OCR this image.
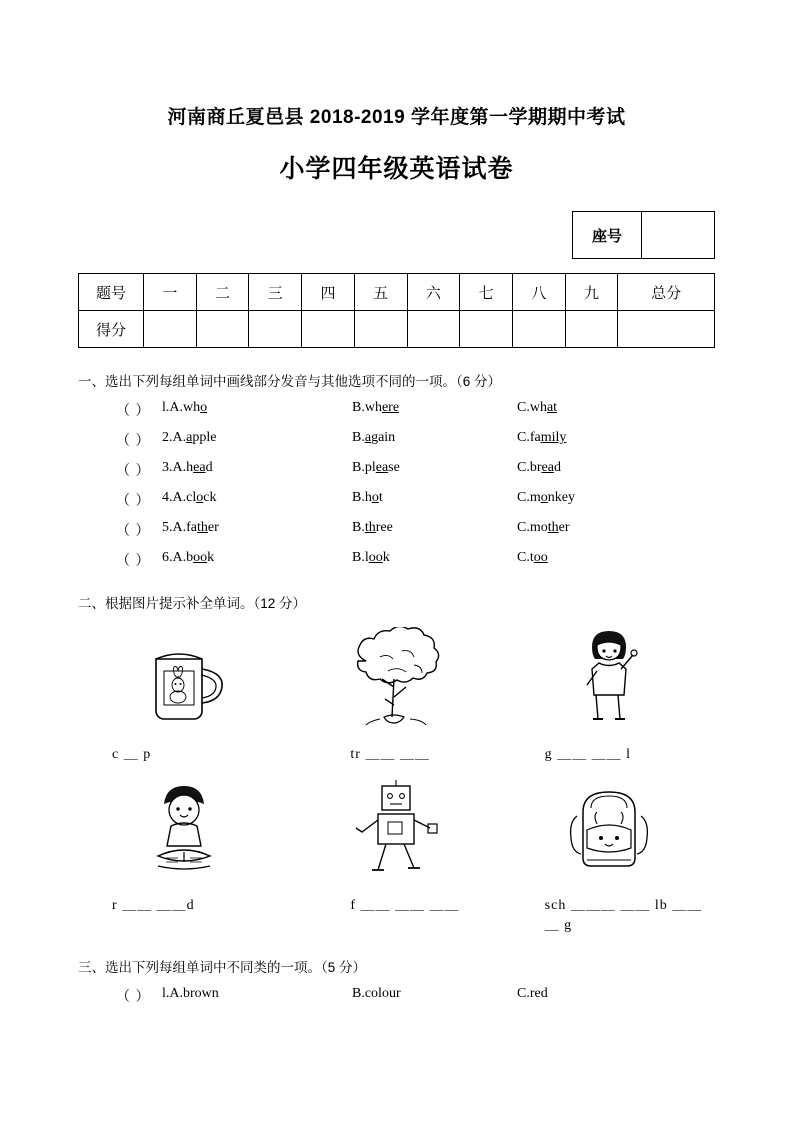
河南商丘夏邑县 2018-2019 学年度第一学期期中考试
小学四年级英语试卷
座号	
题号	一	二	三	四	五	六	七	八	九	总分
得分										
一、选出下列每组单词中画线部分发音与其他选项不同的一项。（6 分）
（ ） l.A.who	B.where	C.what
（ ） 2.A.apple	B.again	C.family
（ ） 3.A.head	B.please	C.bread
（ ） 4.A.clock	B.hot	C.monkey
（ ） 5.A.father	B.three	C.mother
（ ） 6.A.book	B.look	C.too
二、根据图片提示补全单词。（12 分）
c ＿ p	tr ＿＿ ＿＿	g ＿＿ ＿＿ l
r ＿＿ ＿＿d	f ＿＿ ＿＿ ＿＿	sch ＿＿＿ ＿＿ lb ＿＿＿ g
三、选出下列每组单词中不同类的一项。（5 分）
（ ） l.A.brown	B.colour	C.red
